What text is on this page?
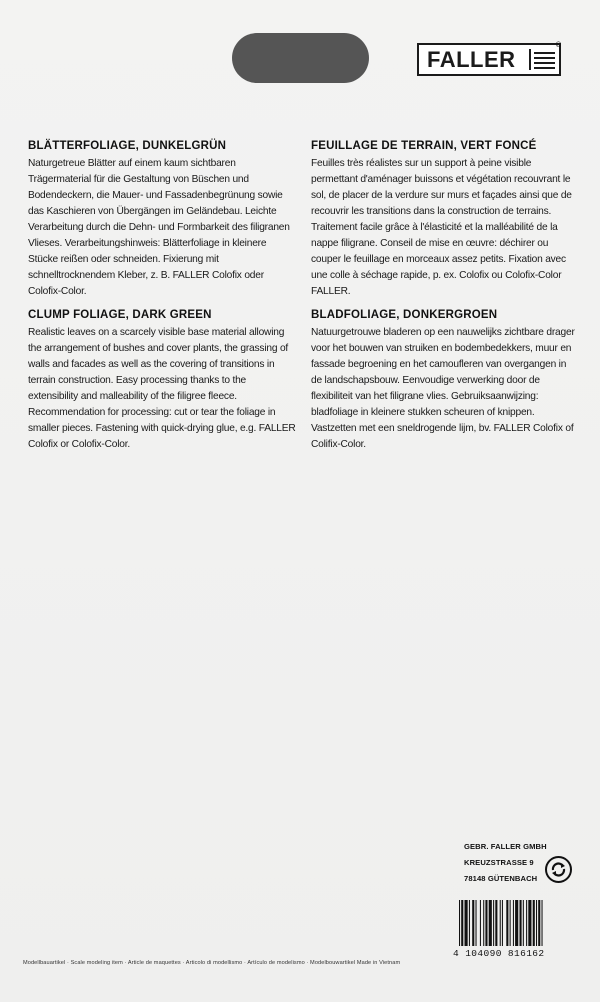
FALLER
®
BLÄTTERFOLIAGE, DUNKELGRÜN

Naturgetreue Blätter auf einem kaum sichtbaren Trägermaterial für die Gestaltung von Büschen und Bodendeckern, die Mauer- und Fassadenbegrünung sowie das Kaschieren von Übergängen im Geländebau. Leichte Verarbeitung durch die Dehn- und Formbarkeit des filigranen Vlieses. Verarbeitungshinweis: Blätterfoliage in kleinere Stücke reißen oder schneiden. Fixierung mit schnelltrocknendem Kleber, z. B. FALLER Colofix oder Colofix-Color.

FEUILLAGE DE TERRAIN, VERT FONCÉ

Feuilles très réalistes sur un support à peine visible permettant d'aménager buissons et végétation recouvrant le sol, de placer de la verdure sur murs et façades ainsi que de recouvrir les transitions dans la construction de terrains. Traitement facile grâce à l'élasticité et la malléabilité de la nappe filigrane. Conseil de mise en œuvre: déchirer ou couper le feuillage en morceaux assez petits. Fixation avec une colle à séchage rapide, p. ex. Colofix ou Colofix-Color FALLER.

CLUMP FOLIAGE, DARK GREEN

Realistic leaves on a scarcely visible base material allowing the arrangement of bushes and cover plants, the grassing of walls and facades as well as the covering of transitions in terrain construction. Easy processing thanks to the extensibility and malleability of the filigree fleece. Recommendation for processing: cut or tear the foliage in smaller pieces. Fastening with quick-drying glue, e.g. FALLER Colofix or Colofix-Color.

BLADFOLIAGE, DONKERGROEN

Natuurgetrouwe bladeren op een nauwelijks zichtbare drager voor het bouwen van struiken en bodembedekkers, muur en fassade begroening en het camoufleren van overgangen in de landschapsbouw. Eenvoudige verwerking door de flexibiliteit van het filigrane vlies. Gebruiksaanwijzing: bladfoliage in kleinere stukken scheuren of knippen. Vastzetten met een sneldrogende lijm, bv. FALLER Colofix of Colifix-Color.

GEBR. FALLER GMBH
KREUZSTRASSE 9
78148 GÜTENBACH
4 104090 816162
Modellbauartikel · Scale modeling item · Article de maquettes · Articolo di modellismo · Artículo de modelismo · Modelbouwartikel Made in Vietnam
